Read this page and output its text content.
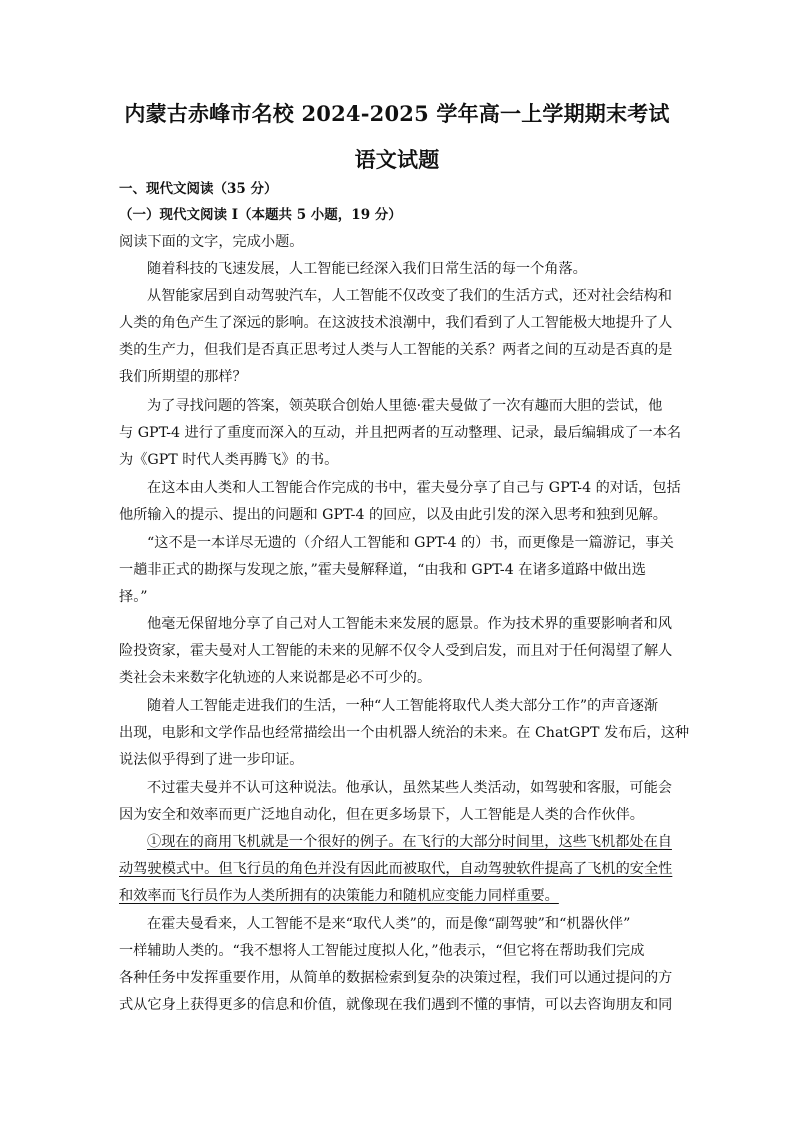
内蒙古赤峰市名校 2024-2025 学年高一上学期期末考试
语文试题
一、现代文阅读（35 分）
（一）现代文阅读 I（本题共 5 小题，19 分）
阅读下面的文字，完成小题。
随着科技的飞速发展，人工智能已经深入我们日常生活的每一个角落。
从智能家居到自动驾驶汽车，人工智能不仅改变了我们的生活方式，还对社会结构和
人类的角色产生了深远的影响。在这波技术浪潮中，我们看到了人工智能极大地提升了人
类的生产力，但我们是否真正思考过人类与人工智能的关系？两者之间的互动是否真的是
我们所期望的那样？
为了寻找问题的答案，领英联合创始人里德·霍夫曼做了一次有趣而大胆的尝试，他
与 GPT-4 进行了重度而深入的互动，并且把两者的互动整理、记录，最后编辑成了一本名
为《GPT 时代人类再腾飞》的书。
在这本由人类和人工智能合作完成的书中，霍夫曼分享了自己与 GPT-4 的对话，包括
他所输入的提示、提出的问题和 GPT-4 的回应，以及由此引发的深入思考和独到见解。
“这不是一本详尽无遗的（介绍人工智能和 GPT-4 的）书，而更像是一篇游记，事关
一趟非正式的勘探与发现之旅，”霍夫曼解释道，“由我和 GPT-4 在诸多道路中做出选
择。”
他毫无保留地分享了自己对人工智能未来发展的愿景。作为技术界的重要影响者和风
险投资家，霍夫曼对人工智能的未来的见解不仅令人受到启发，而且对于任何渴望了解人
类社会未来数字化轨迹的人来说都是必不可少的。
随着人工智能走进我们的生活，一种“人工智能将取代人类大部分工作”的声音逐渐
出现，电影和文学作品也经常描绘出一个由机器人统治的未来。在 ChatGPT 发布后，这种
说法似乎得到了进一步印证。
不过霍夫曼并不认可这种说法。他承认，虽然某些人类活动，如驾驶和客服，可能会
因为安全和效率而更广泛地自动化，但在更多场景下，人工智能是人类的合作伙伴。
①现在的商用飞机就是一个很好的例子。在飞行的大部分时间里，这些飞机都处在自
动驾驶模式中。但飞行员的角色并没有因此而被取代，自动驾驶软件提高了飞机的安全性
和效率而飞行员作为人类所拥有的决策能力和随机应变能力同样重要。
在霍夫曼看来，人工智能不是来“取代人类”的，而是像“副驾驶”和“机器伙伴”
一样辅助人类的。“我不想将人工智能过度拟人化，”他表示，“但它将在帮助我们完成
各种任务中发挥重要作用，从简单的数据检索到复杂的决策过程，我们可以通过提问的方
式从它身上获得更多的信息和价值，就像现在我们遇到不懂的事情，可以去咨询朋友和同
